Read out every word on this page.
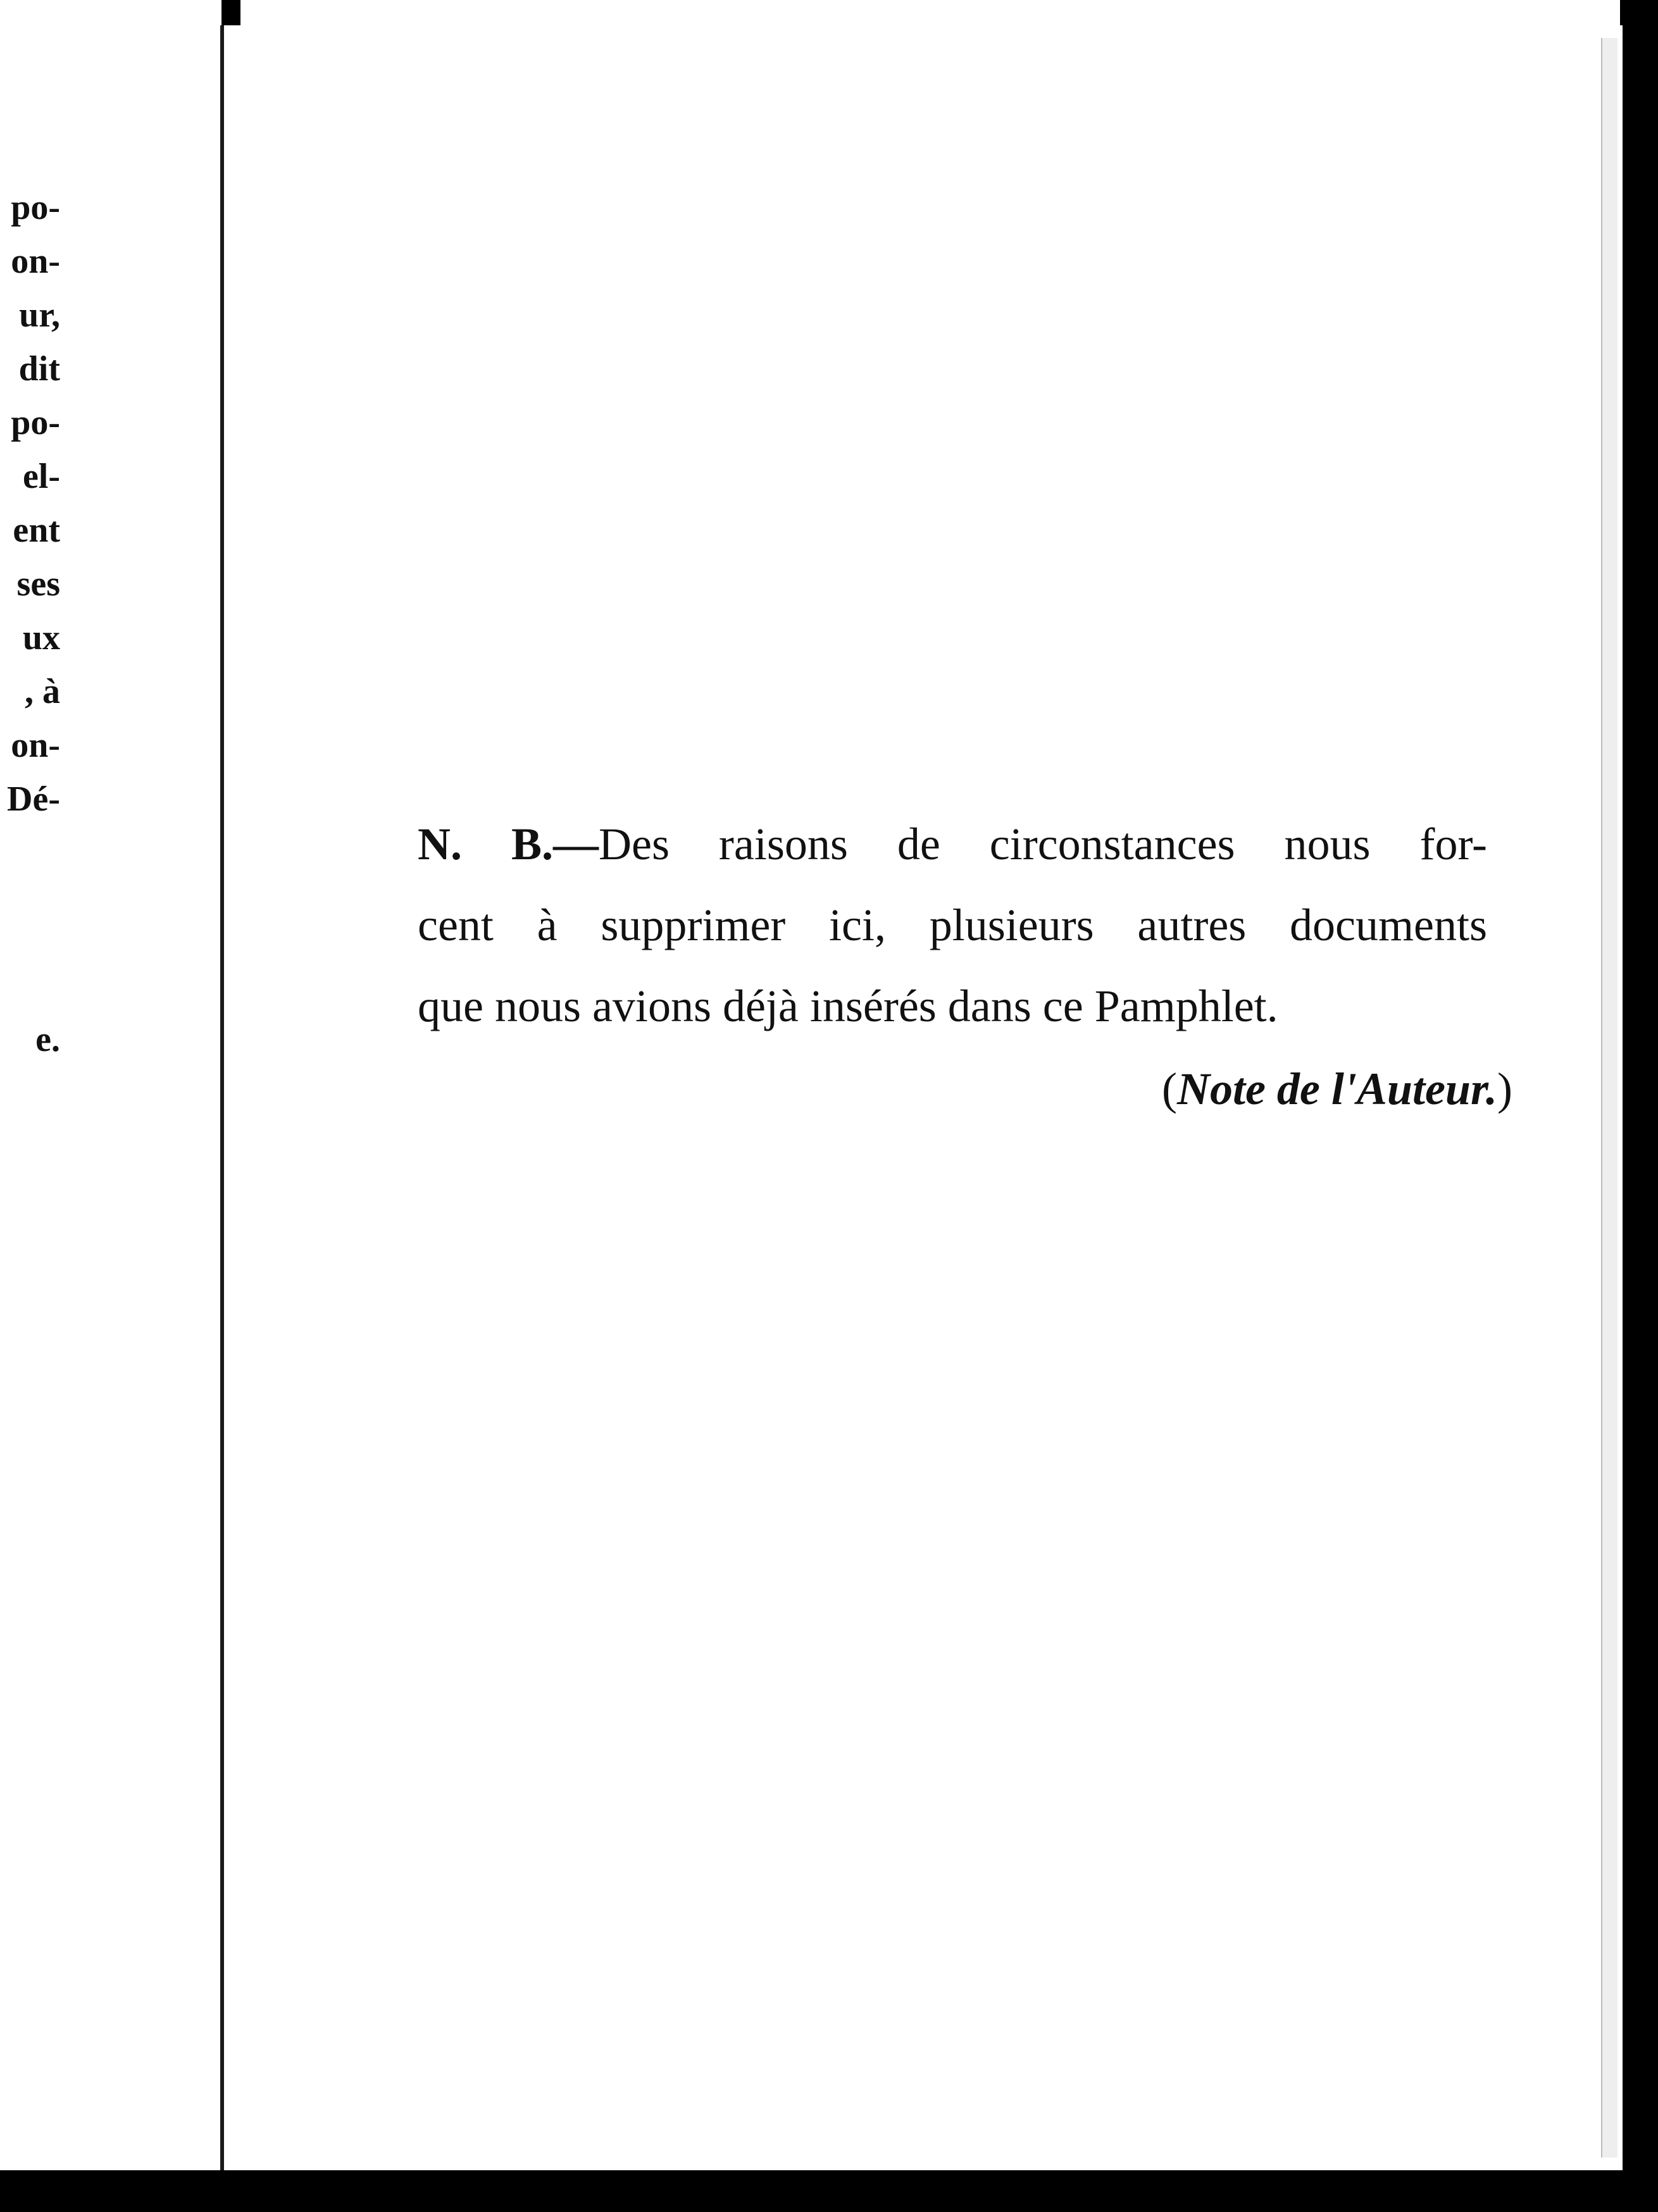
po-
on-
ur,
dit
po-
el-
ent
ses
ux
, à
on-
Dé-
e.
N. B.—Des raisons de circonstances nous for-
cent à supprimer ici, plusieurs autres documents
que nous avions déjà insérés dans ce Pamphlet.
(Note de l'Auteur.)
